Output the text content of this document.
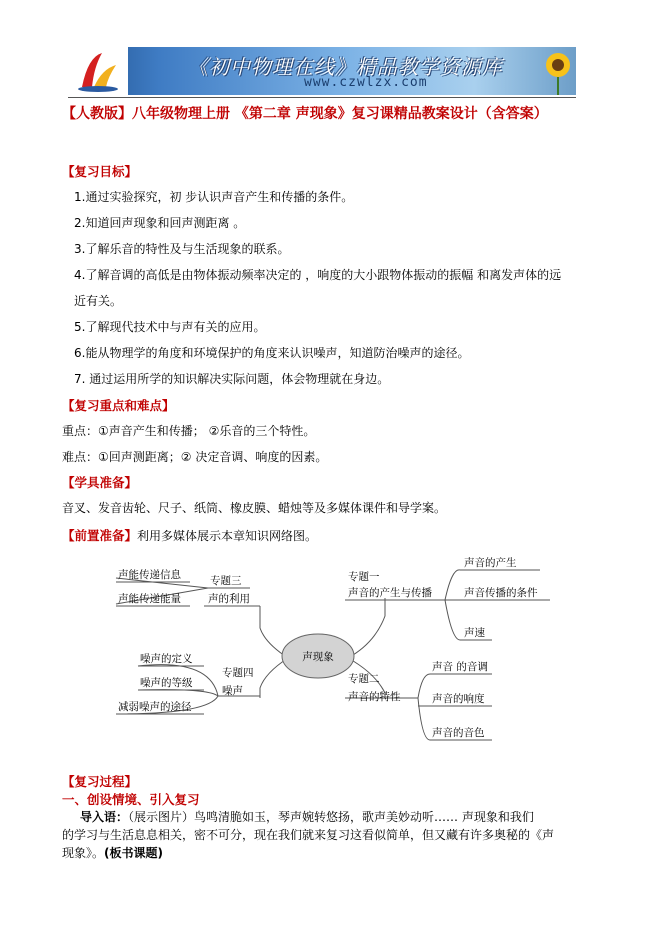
《初中物理在线》精品教学资源库
www.czwlzx.com
【人教版】八年级物理上册 《第二章 声现象》复习课精品教案设计（含答案）
【复习目标】
1.通过实验探究，初 步认识声音产生和传播的条件。
2.知道回声现象和回声测距离 。
3.了解乐音的特性及与生活现象的联系。
4.了解音调的高低是由物体振动频率决定的 ，响度的大小跟物体振动的振幅 和离发声体的远
近有关。
5.了解现代技术中与声有关的应用。
6.能从物理学的角度和环境保护的角度来认识噪声，知道防治噪声的途径。
7. 通过运用所学的知识解决实际问题，体会物理就在身边。
【复习重点和难点】
重点：①声音产生和传播； ②乐音的三个特性。
难点：①回声测距离；② 决定音调、响度的因素。
【学具准备】
音叉、发音齿轮、尺子、纸筒、橡皮膜、蜡烛等及多媒体课件和导学案。
【前置准备】利用多媒体展示本章知识网络图。
声现象
专题三
声的利用
声能传递信息
声能传递能量
专题四
噪声
噪声的定义
噪声的等级
减弱噪声的途径
专题一
声音的产生与传播
声音的产生
声音传播的条件
声速
专题二
声音的特性
声音 的音调
声音的响度
声音的音色
【复习过程】
一、创设情境、引入复习
导入语：（展示图片）鸟鸣清脆如玉，琴声婉转悠扬，歌声美妙动听…… 声现象和我们
的学习与生活息息相关，密不可分，现在我们就来复习这看似简单，但又藏有许多奥秘的《声
现象》。(板书课题)
